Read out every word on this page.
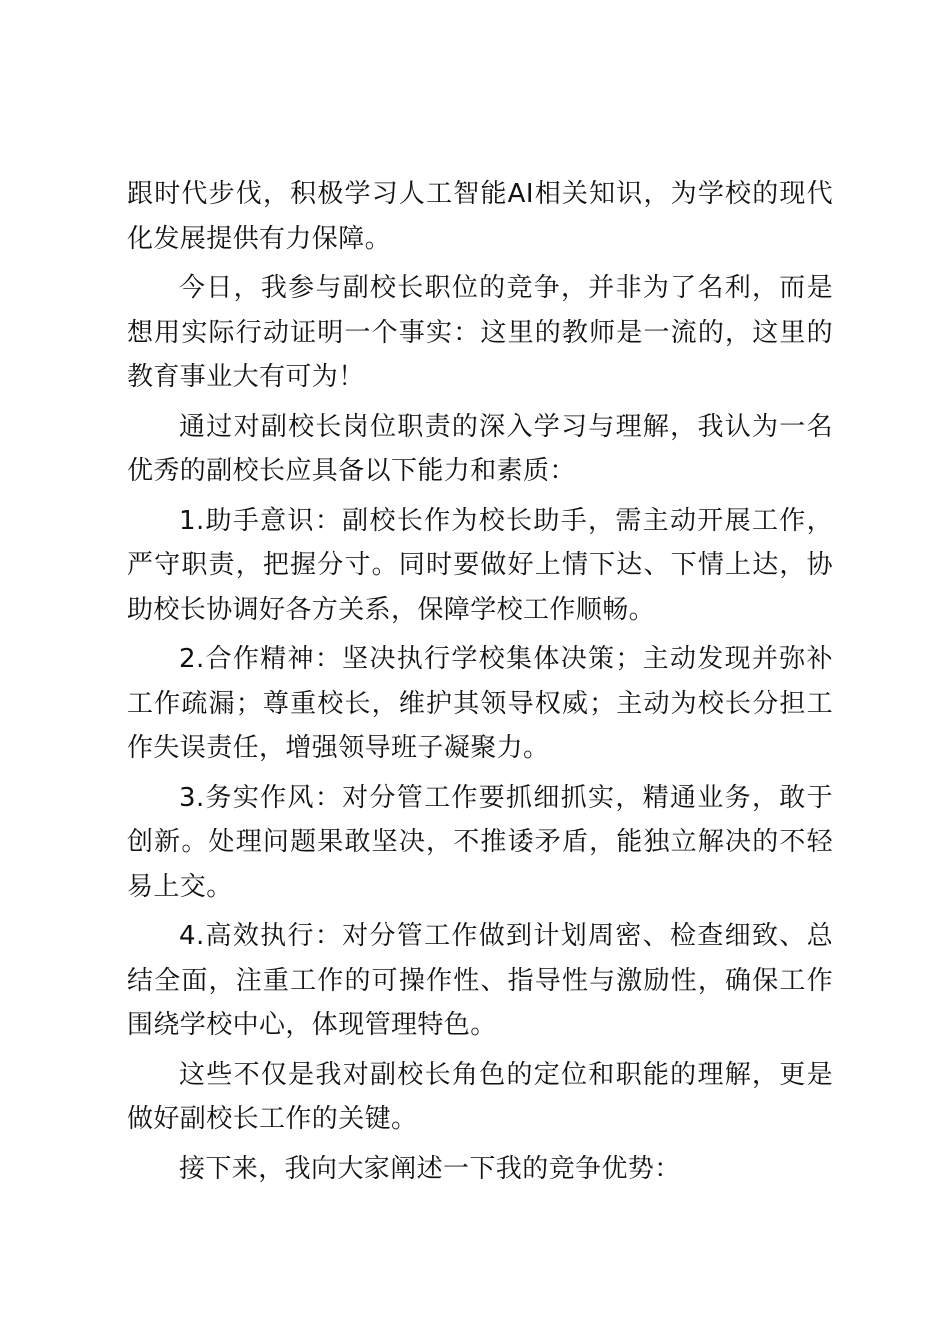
跟时代步伐，积极学习人工智能AI相关知识，为学校的现代化发展提供有力保障。

今日，我参与副校长职位的竞争，并非为了名利，而是想用实际行动证明一个事实：这里的教师是一流的，这里的教育事业大有可为！

通过对副校长岗位职责的深入学习与理解，我认为一名优秀的副校长应具备以下能力和素质：

1.助手意识：副校长作为校长助手，需主动开展工作，严守职责，把握分寸。同时要做好上情下达、下情上达，协助校长协调好各方关系，保障学校工作顺畅。

2.合作精神：坚决执行学校集体决策；主动发现并弥补工作疏漏；尊重校长，维护其领导权威；主动为校长分担工作失误责任，增强领导班子凝聚力。

3.务实作风：对分管工作要抓细抓实，精通业务，敢于创新。处理问题果敢坚决，不推诿矛盾，能独立解决的不轻易上交。

4.高效执行：对分管工作做到计划周密、检查细致、总结全面，注重工作的可操作性、指导性与激励性，确保工作围绕学校中心，体现管理特色。

这些不仅是我对副校长角色的定位和职能的理解，更是做好副校长工作的关键。

接下来，我向大家阐述一下我的竞争优势：
